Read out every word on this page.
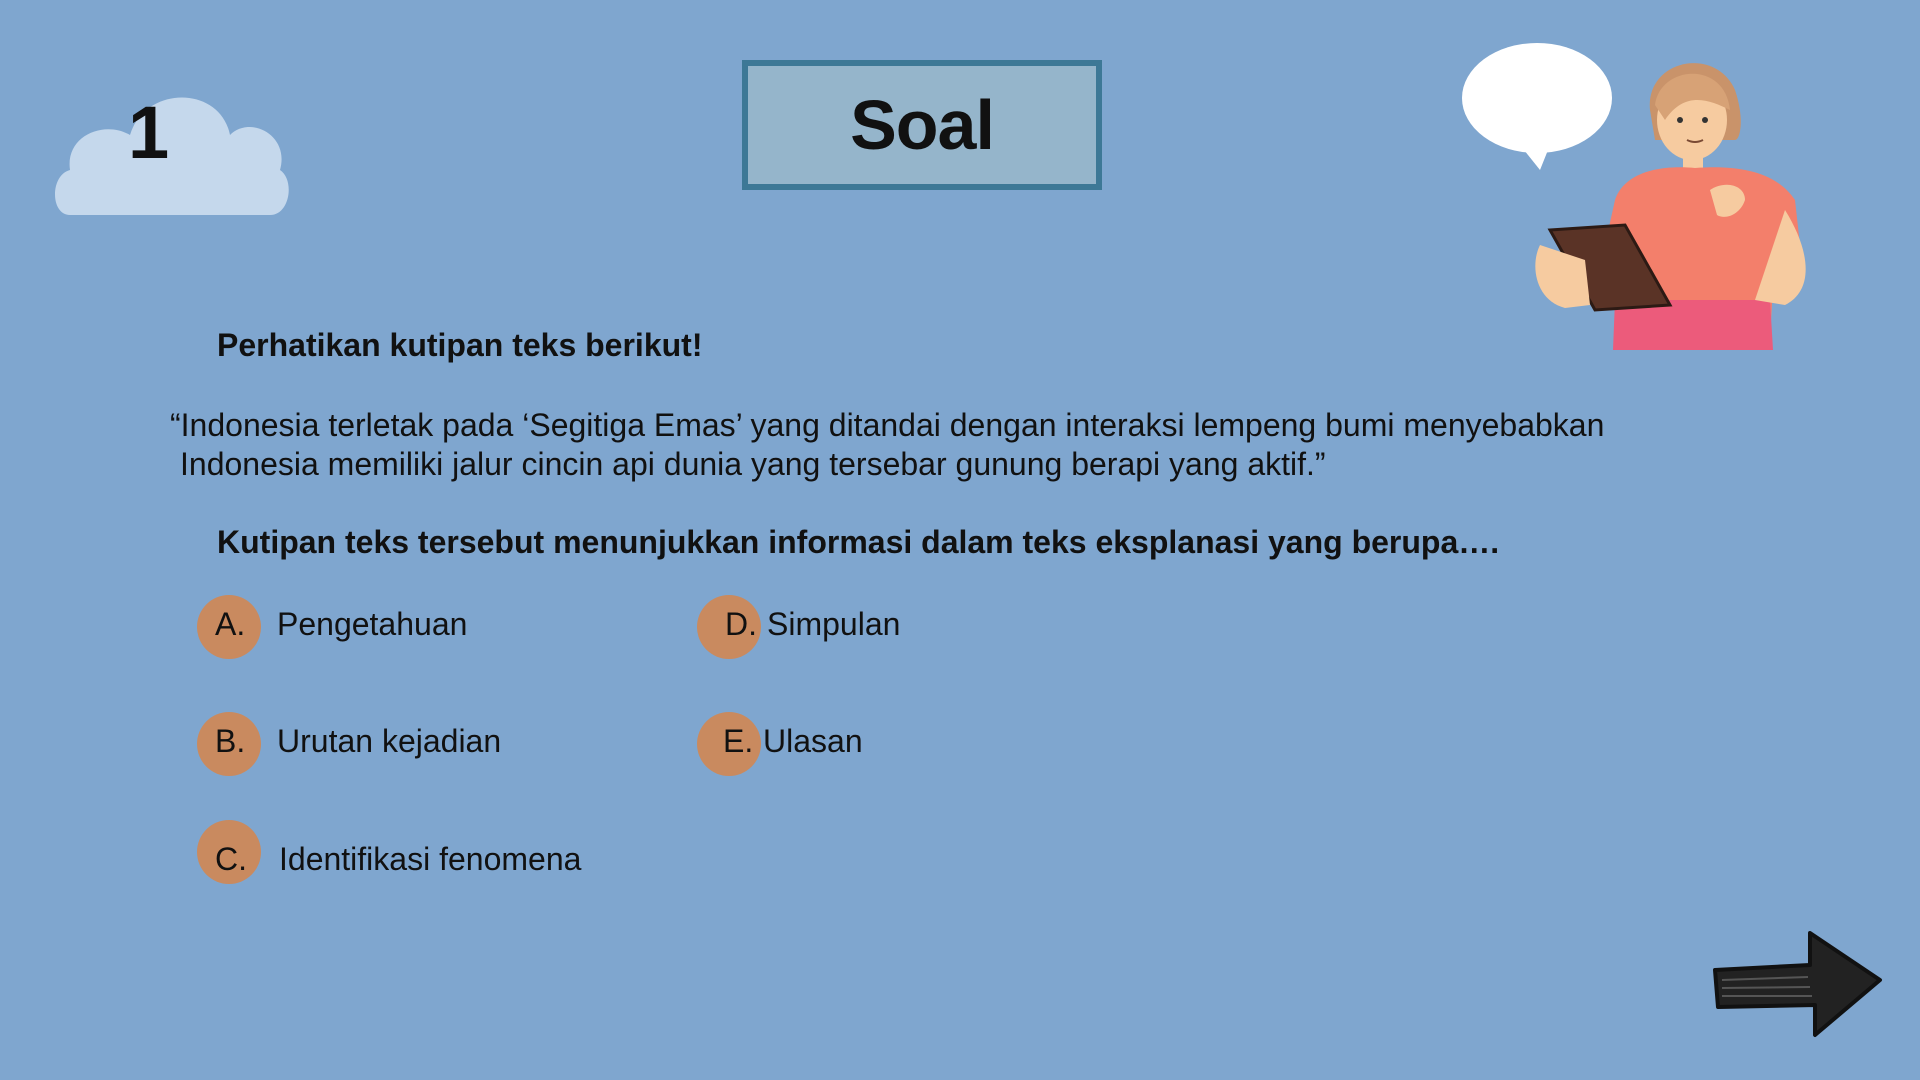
1	Soal
Perhatikan kutipan teks berikut!
“Indonesia terletak pada ‘Segitiga Emas’ yang ditandai dengan interaksi lempeng bumi menyebabkan
Indonesia memiliki jalur cincin api dunia yang tersebar gunung berapi yang aktif.”
Kutipan teks tersebut menunjukkan informasi dalam teks eksplanasi yang berupa….
A. Pengetahuan
B. Urutan kejadian
C. Identifikasi fenomena
D. Simpulan
E. Ulasan
